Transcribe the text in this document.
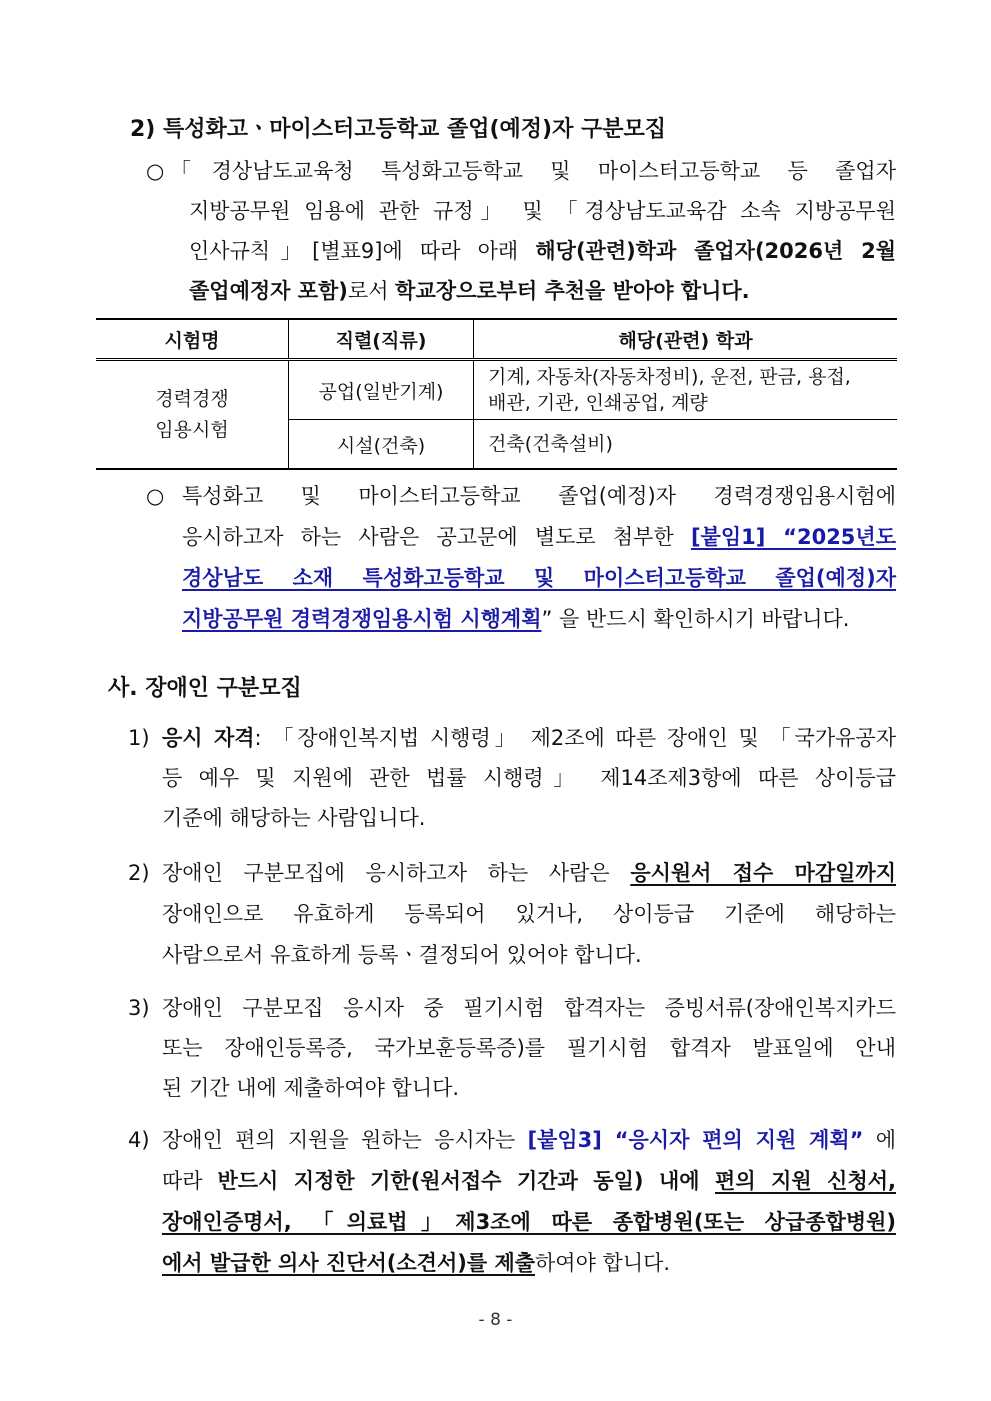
2) 특성화고ㆍ마이스터고등학교 졸업(예정)자 구분모집
○ 「경상남도교육청 특성화고등학교 및 마이스터고등학교 등 졸업자
지방공무원 임용에 관한 규정」 및 「경상남도교육감 소속 지방공무원
인사규칙」[별표9]에 따라 아래 해당(관련)학과 졸업자(2026년 2월
졸업예정자 포함)로서 학교장으로부터 추천을 받아야 합니다.
시험명	직렬(직류)	해당(관련) 학과
경력경쟁
임용시험	공업(일반기계)	기계, 자동차(자동차정비), 운전, 판금, 용접,
배관, 기관, 인쇄공업, 계량
	시설(건축)	건축(건축설비)
○ 특성화고 및 마이스터고등학교 졸업(예정)자 경력경쟁임용시험에
응시하고자 하는 사람은 공고문에 별도로 첨부한 [붙임1] “2025년도
경상남도 소재 특성화고등학교 및 마이스터고등학교 졸업(예정)자
지방공무원 경력경쟁임용시험 시행계획” 을 반드시 확인하시기 바랍니다.
사. 장애인 구분모집
1) 응시 자격: 「장애인복지법 시행령」 제2조에 따른 장애인 및 「국가유공자
등 예우 및 지원에 관한 법률 시행령」 제14조제3항에 따른 상이등급
기준에 해당하는 사람입니다.
2) 장애인 구분모집에 응시하고자 하는 사람은 응시원서 접수 마감일까지
장애인으로 유효하게 등록되어 있거나, 상이등급 기준에 해당하는
사람으로서 유효하게 등록ㆍ결정되어 있어야 합니다.
3) 장애인 구분모집 응시자 중 필기시험 합격자는 증빙서류(장애인복지카드
또는 장애인등록증, 국가보훈등록증)를 필기시험 합격자 발표일에 안내
된 기간 내에 제출하여야 합니다.
4) 장애인 편의 지원을 원하는 응시자는 [붙임3] “응시자 편의 지원 계획” 에
따라 반드시 지정한 기한(원서접수 기간과 동일) 내에 편의 지원 신청서,
장애인증명서, 「의료법」제3조에 따른 종합병원(또는 상급종합병원)
에서 발급한 의사 진단서(소견서)를 제출하여야 합니다.
- 8 -
